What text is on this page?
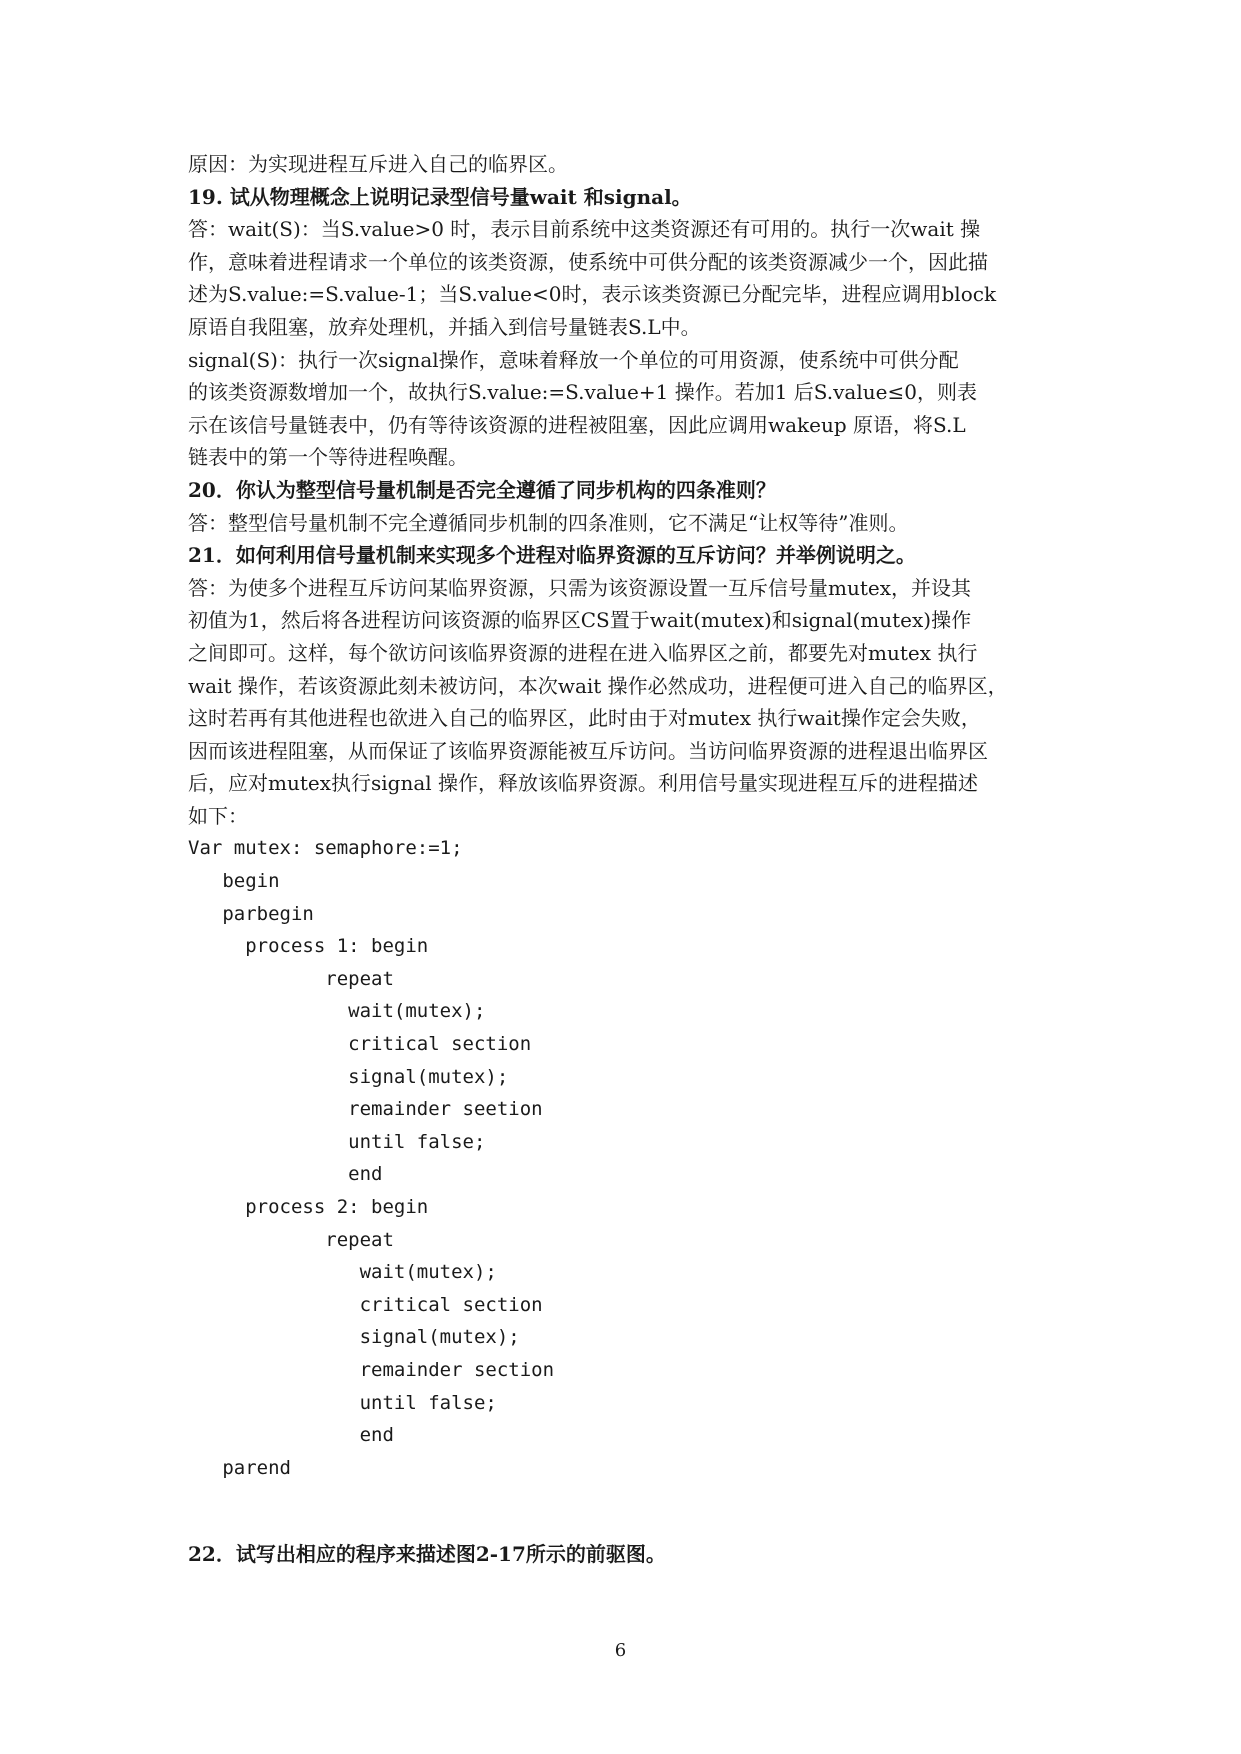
原因：为实现进程互斥进入自己的临界区。
19. 试从物理概念上说明记录型信号量wait 和signal。
答：wait(S)：当S.value>0 时，表示目前系统中这类资源还有可用的。执行一次wait 操
作，意味着进程请求一个单位的该类资源，使系统中可供分配的该类资源减少一个，因此描
述为S.value:=S.value-1；当S.value<0时，表示该类资源已分配完毕，进程应调用block
原语自我阻塞，放弃处理机，并插入到信号量链表S.L中。
signal(S)：执行一次signal操作，意味着释放一个单位的可用资源，使系统中可供分配
的该类资源数增加一个，故执行S.value:=S.value+1 操作。若加1 后S.value≤0，则表
示在该信号量链表中，仍有等待该资源的进程被阻塞，因此应调用wakeup 原语，将S.L
链表中的第一个等待进程唤醒。
20．你认为整型信号量机制是否完全遵循了同步机构的四条准则？
答：整型信号量机制不完全遵循同步机制的四条准则，它不满足“让权等待”准则。
21．如何利用信号量机制来实现多个进程对临界资源的互斥访问？并举例说明之。
答：为使多个进程互斥访问某临界资源，只需为该资源设置一互斥信号量mutex，并设其
初值为1，然后将各进程访问该资源的临界区CS置于wait(mutex)和signal(mutex)操作
之间即可。这样，每个欲访问该临界资源的进程在进入临界区之前，都要先对mutex 执行
wait 操作，若该资源此刻未被访问，本次wait 操作必然成功，进程便可进入自己的临界区，
这时若再有其他进程也欲进入自己的临界区，此时由于对mutex 执行wait操作定会失败，
因而该进程阻塞，从而保证了该临界资源能被互斥访问。当访问临界资源的进程退出临界区
后，应对mutex执行signal 操作，释放该临界资源。利用信号量实现进程互斥的进程描述
如下：
Var mutex: semaphore:=1;
begin
parbegin
process 1: begin
repeat
wait(mutex);
critical section
signal(mutex);
remainder seetion
until false;
end
process 2: begin
repeat
wait(mutex);
critical section
signal(mutex);
remainder section
until false;
end
parend
22．试写出相应的程序来描述图2-17所示的前驱图。
6
